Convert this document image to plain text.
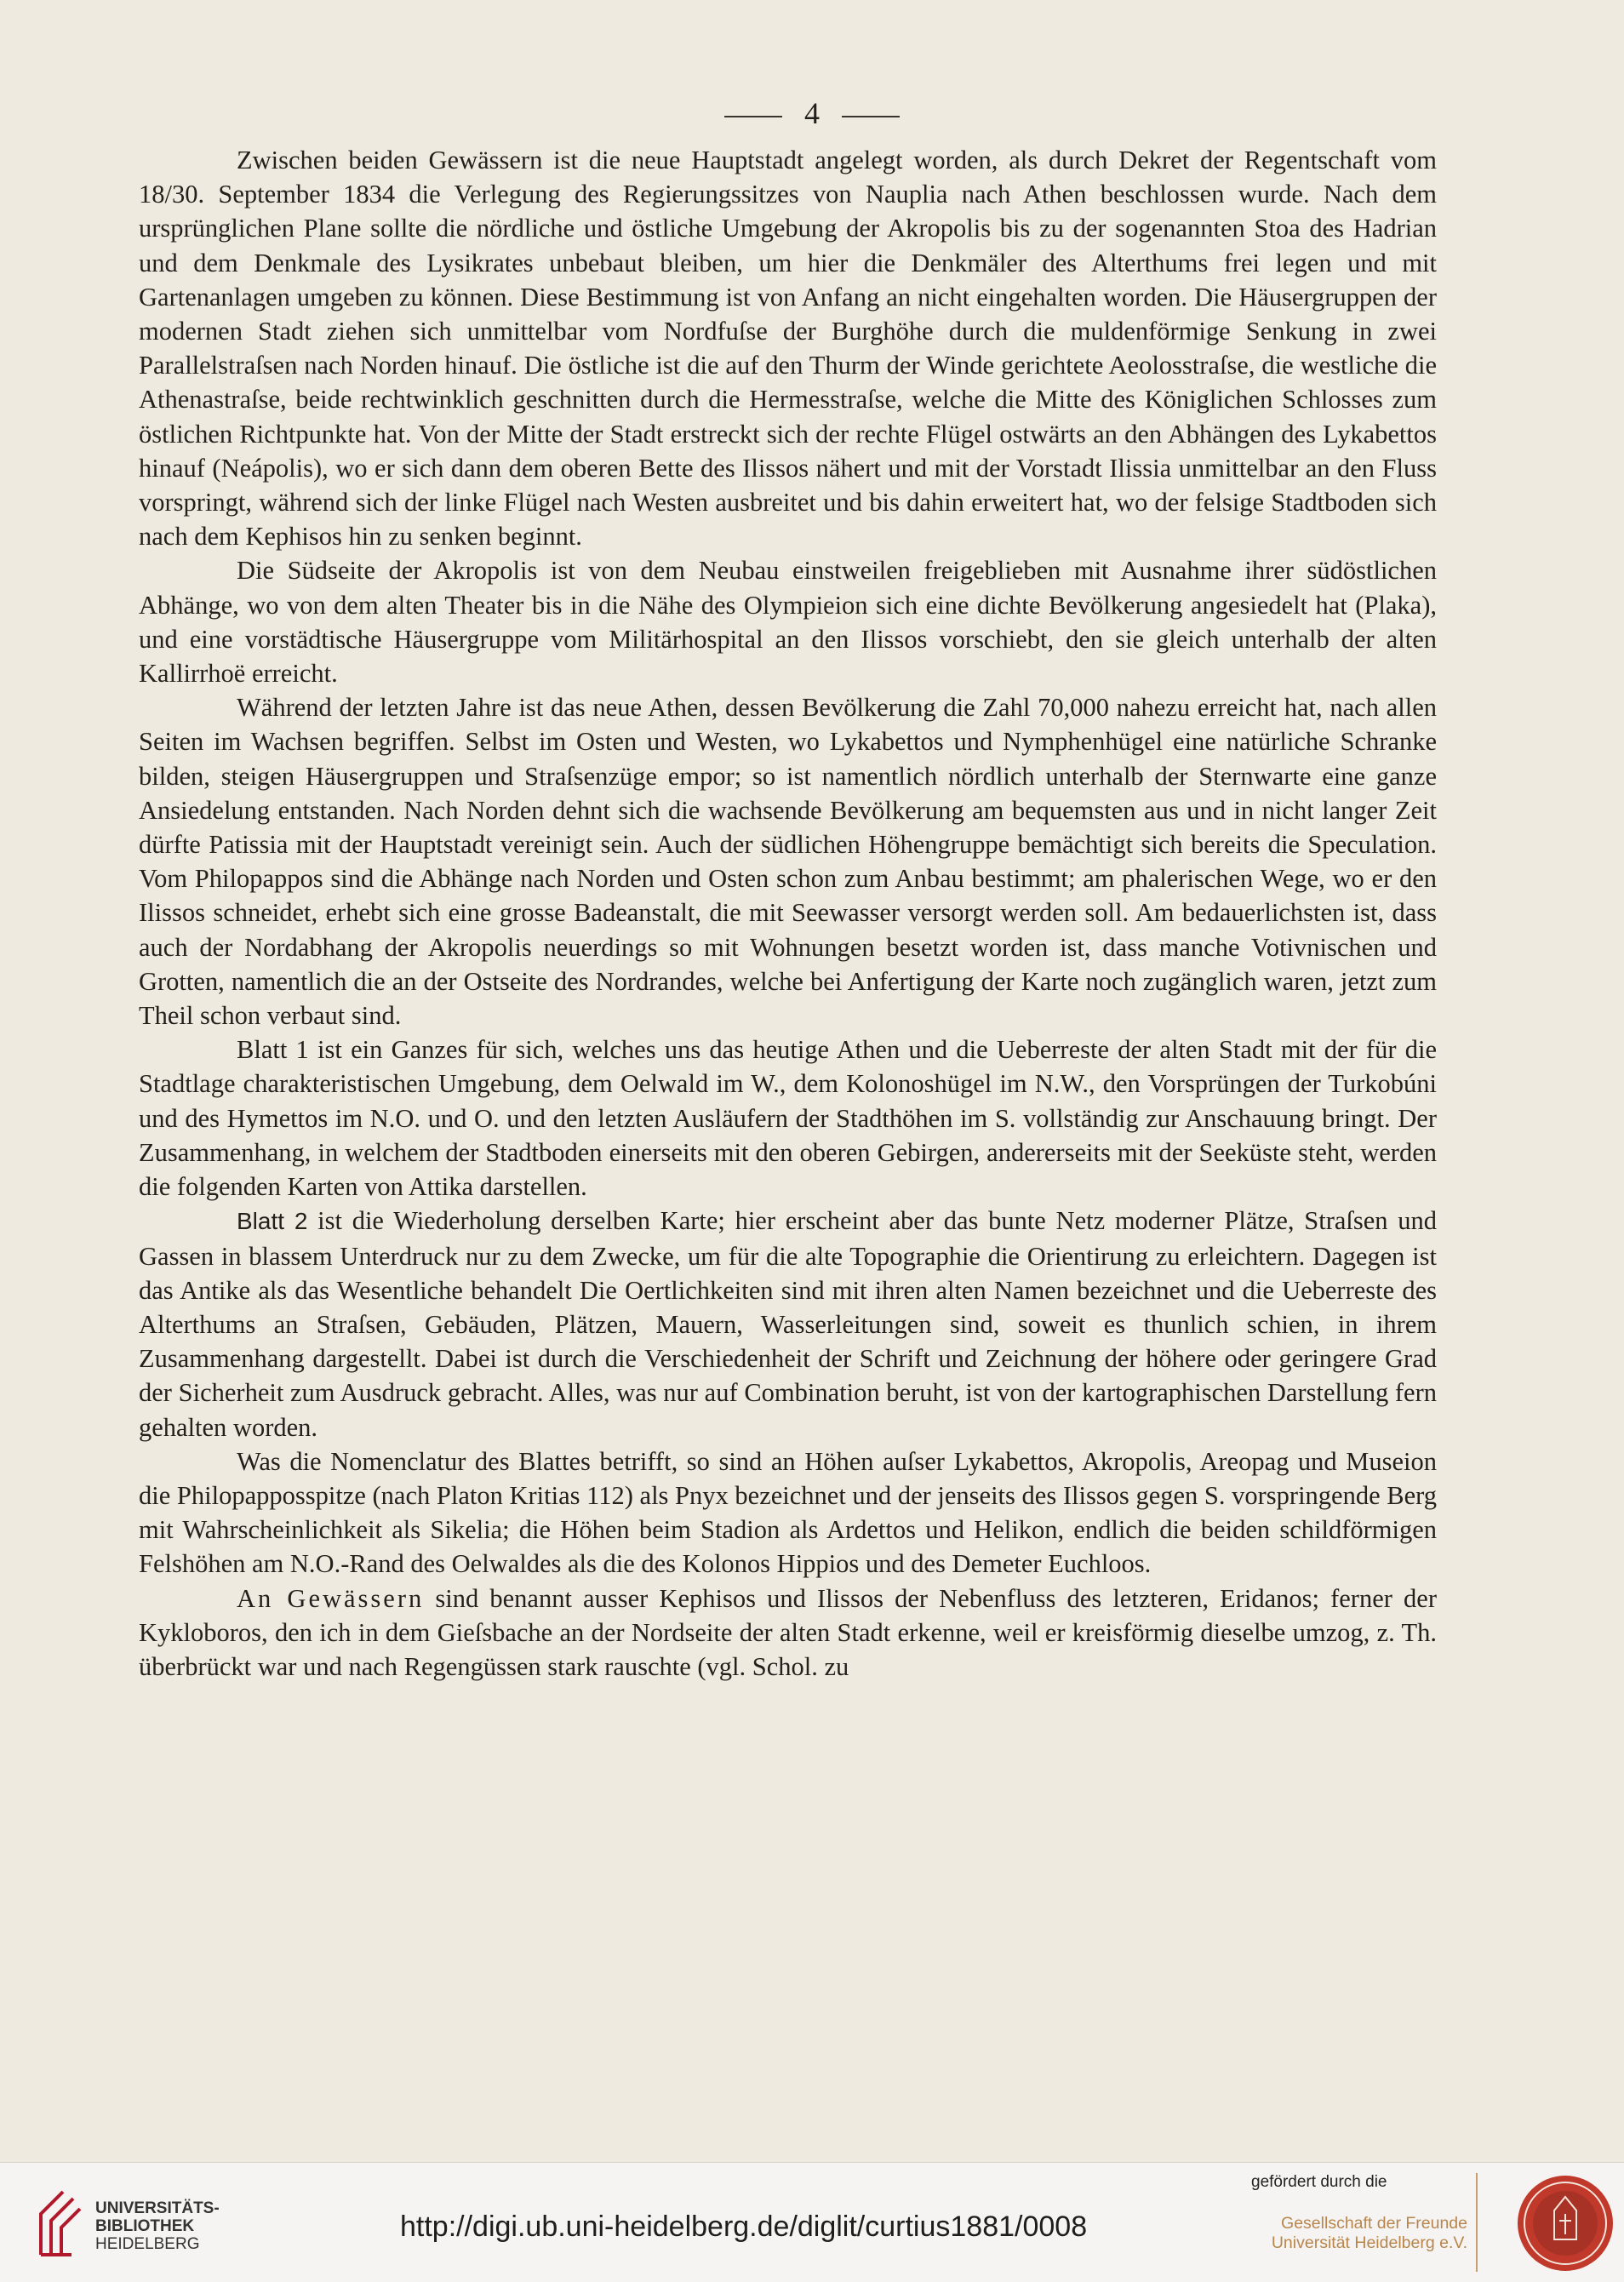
4

Zwischen beiden Gewässern ist die neue Hauptstadt angelegt worden, als durch Dekret der Regentschaft vom 18/30. September 1834 die Verlegung des Regierungssitzes von Nauplia nach Athen beschlossen wurde. Nach dem ursprünglichen Plane sollte die nördliche und östliche Umgebung der Akropolis bis zu der sogenannten Stoa des Hadrian und dem Denkmale des Lysikrates unbebaut bleiben, um hier die Denkmäler des Alterthums frei legen und mit Gartenanlagen umgeben zu können. Diese Bestimmung ist von Anfang an nicht eingehalten worden. Die Häusergruppen der modernen Stadt ziehen sich unmittelbar vom Nordfuſse der Burghöhe durch die muldenförmige Senkung in zwei Parallelstraſsen nach Norden hinauf. Die östliche ist die auf den Thurm der Winde gerichtete Aeolosstraſse, die westliche die Athenastraſse, beide rechtwinklich geschnitten durch die Hermesstraſse, welche die Mitte des Königlichen Schlosses zum östlichen Richtpunkte hat. Von der Mitte der Stadt erstreckt sich der rechte Flügel ostwärts an den Abhängen des Lykabettos hinauf (Neápolis), wo er sich dann dem oberen Bette des Ilissos nähert und mit der Vorstadt Ilissia unmittelbar an den Fluss vorspringt, während sich der linke Flügel nach Westen ausbreitet und bis dahin erweitert hat, wo der felsige Stadtboden sich nach dem Kephisos hin zu senken beginnt.

Die Südseite der Akropolis ist von dem Neubau einstweilen freigeblieben mit Ausnahme ihrer südöstlichen Abhänge, wo von dem alten Theater bis in die Nähe des Olympieion sich eine dichte Bevölkerung angesiedelt hat (Plaka), und eine vorstädtische Häusergruppe vom Militärhospital an den Ilissos vorschiebt, den sie gleich unterhalb der alten Kallirrhoë erreicht.

Während der letzten Jahre ist das neue Athen, dessen Bevölkerung die Zahl 70,000 nahezu erreicht hat, nach allen Seiten im Wachsen begriffen. Selbst im Osten und Westen, wo Lykabettos und Nymphenhügel eine natürliche Schranke bilden, steigen Häusergruppen und Straſsenzüge empor; so ist namentlich nördlich unterhalb der Sternwarte eine ganze Ansiedelung entstanden. Nach Norden dehnt sich die wachsende Bevölkerung am bequemsten aus und in nicht langer Zeit dürfte Patissia mit der Hauptstadt vereinigt sein. Auch der südlichen Höhengruppe bemächtigt sich bereits die Speculation. Vom Philopappos sind die Abhänge nach Norden und Osten schon zum Anbau bestimmt; am phalerischen Wege, wo er den Ilissos schneidet, erhebt sich eine grosse Badeanstalt, die mit Seewasser versorgt werden soll. Am bedauerlichsten ist, dass auch der Nordabhang der Akropolis neuerdings so mit Wohnungen besetzt worden ist, dass manche Votivnischen und Grotten, namentlich die an der Ostseite des Nordrandes, welche bei Anfertigung der Karte noch zugänglich waren, jetzt zum Theil schon verbaut sind.

Blatt 1 ist ein Ganzes für sich, welches uns das heutige Athen und die Ueberreste der alten Stadt mit der für die Stadtlage charakteristischen Umgebung, dem Oelwald im W., dem Kolonoshügel im N.W., den Vorsprüngen der Turkobúni und des Hymettos im N.O. und O. und den letzten Ausläufern der Stadthöhen im S. vollständig zur Anschauung bringt. Der Zusammenhang, in welchem der Stadtboden einerseits mit den oberen Gebirgen, andererseits mit der Seeküste steht, werden die folgenden Karten von Attika darstellen.

Blatt 2 ist die Wiederholung derselben Karte; hier erscheint aber das bunte Netz moderner Plätze, Straſsen und Gassen in blassem Unterdruck nur zu dem Zwecke, um für die alte Topographie die Orientirung zu erleichtern. Dagegen ist das Antike als das Wesentliche behandelt Die Oertlichkeiten sind mit ihren alten Namen bezeichnet und die Ueberreste des Alterthums an Straſsen, Gebäuden, Plätzen, Mauern, Wasserleitungen sind, soweit es thunlich schien, in ihrem Zusammenhang dargestellt. Dabei ist durch die Verschiedenheit der Schrift und Zeichnung der höhere oder geringere Grad der Sicherheit zum Ausdruck gebracht. Alles, was nur auf Combination beruht, ist von der kartographischen Darstellung fern gehalten worden.

Was die Nomenclatur des Blattes betrifft, so sind an Höhen auſser Lykabettos, Akropolis, Areopag und Museion die Philopapposspitze (nach Platon Kritias 112) als Pnyx bezeichnet und der jenseits des Ilissos gegen S. vorspringende Berg mit Wahrscheinlichkeit als Sikelia; die Höhen beim Stadion als Ardettos und Helikon, endlich die beiden schildförmigen Felshöhen am N.O.-Rand des Oelwaldes als die des Kolonos Hippios und des Demeter Euchloos.

An Gewässern sind benannt ausser Kephisos und Ilissos der Nebenfluss des letzteren, Eridanos; ferner der Kykloboros, den ich in dem Gieſsbache an der Nordseite der alten Stadt erkenne, weil er kreisförmig dieselbe umzog, z. Th. überbrückt war und nach Regengüssen stark rauschte (vgl. Schol. zu

UNIVERSITÄTS-
BIBLIOTHEK
HEIDELBERG
http://digi.ub.uni-heidelberg.de/diglit/curtius1881/0008
gefördert durch die
Gesellschaft der Freunde
Universität Heidelberg e.V.
